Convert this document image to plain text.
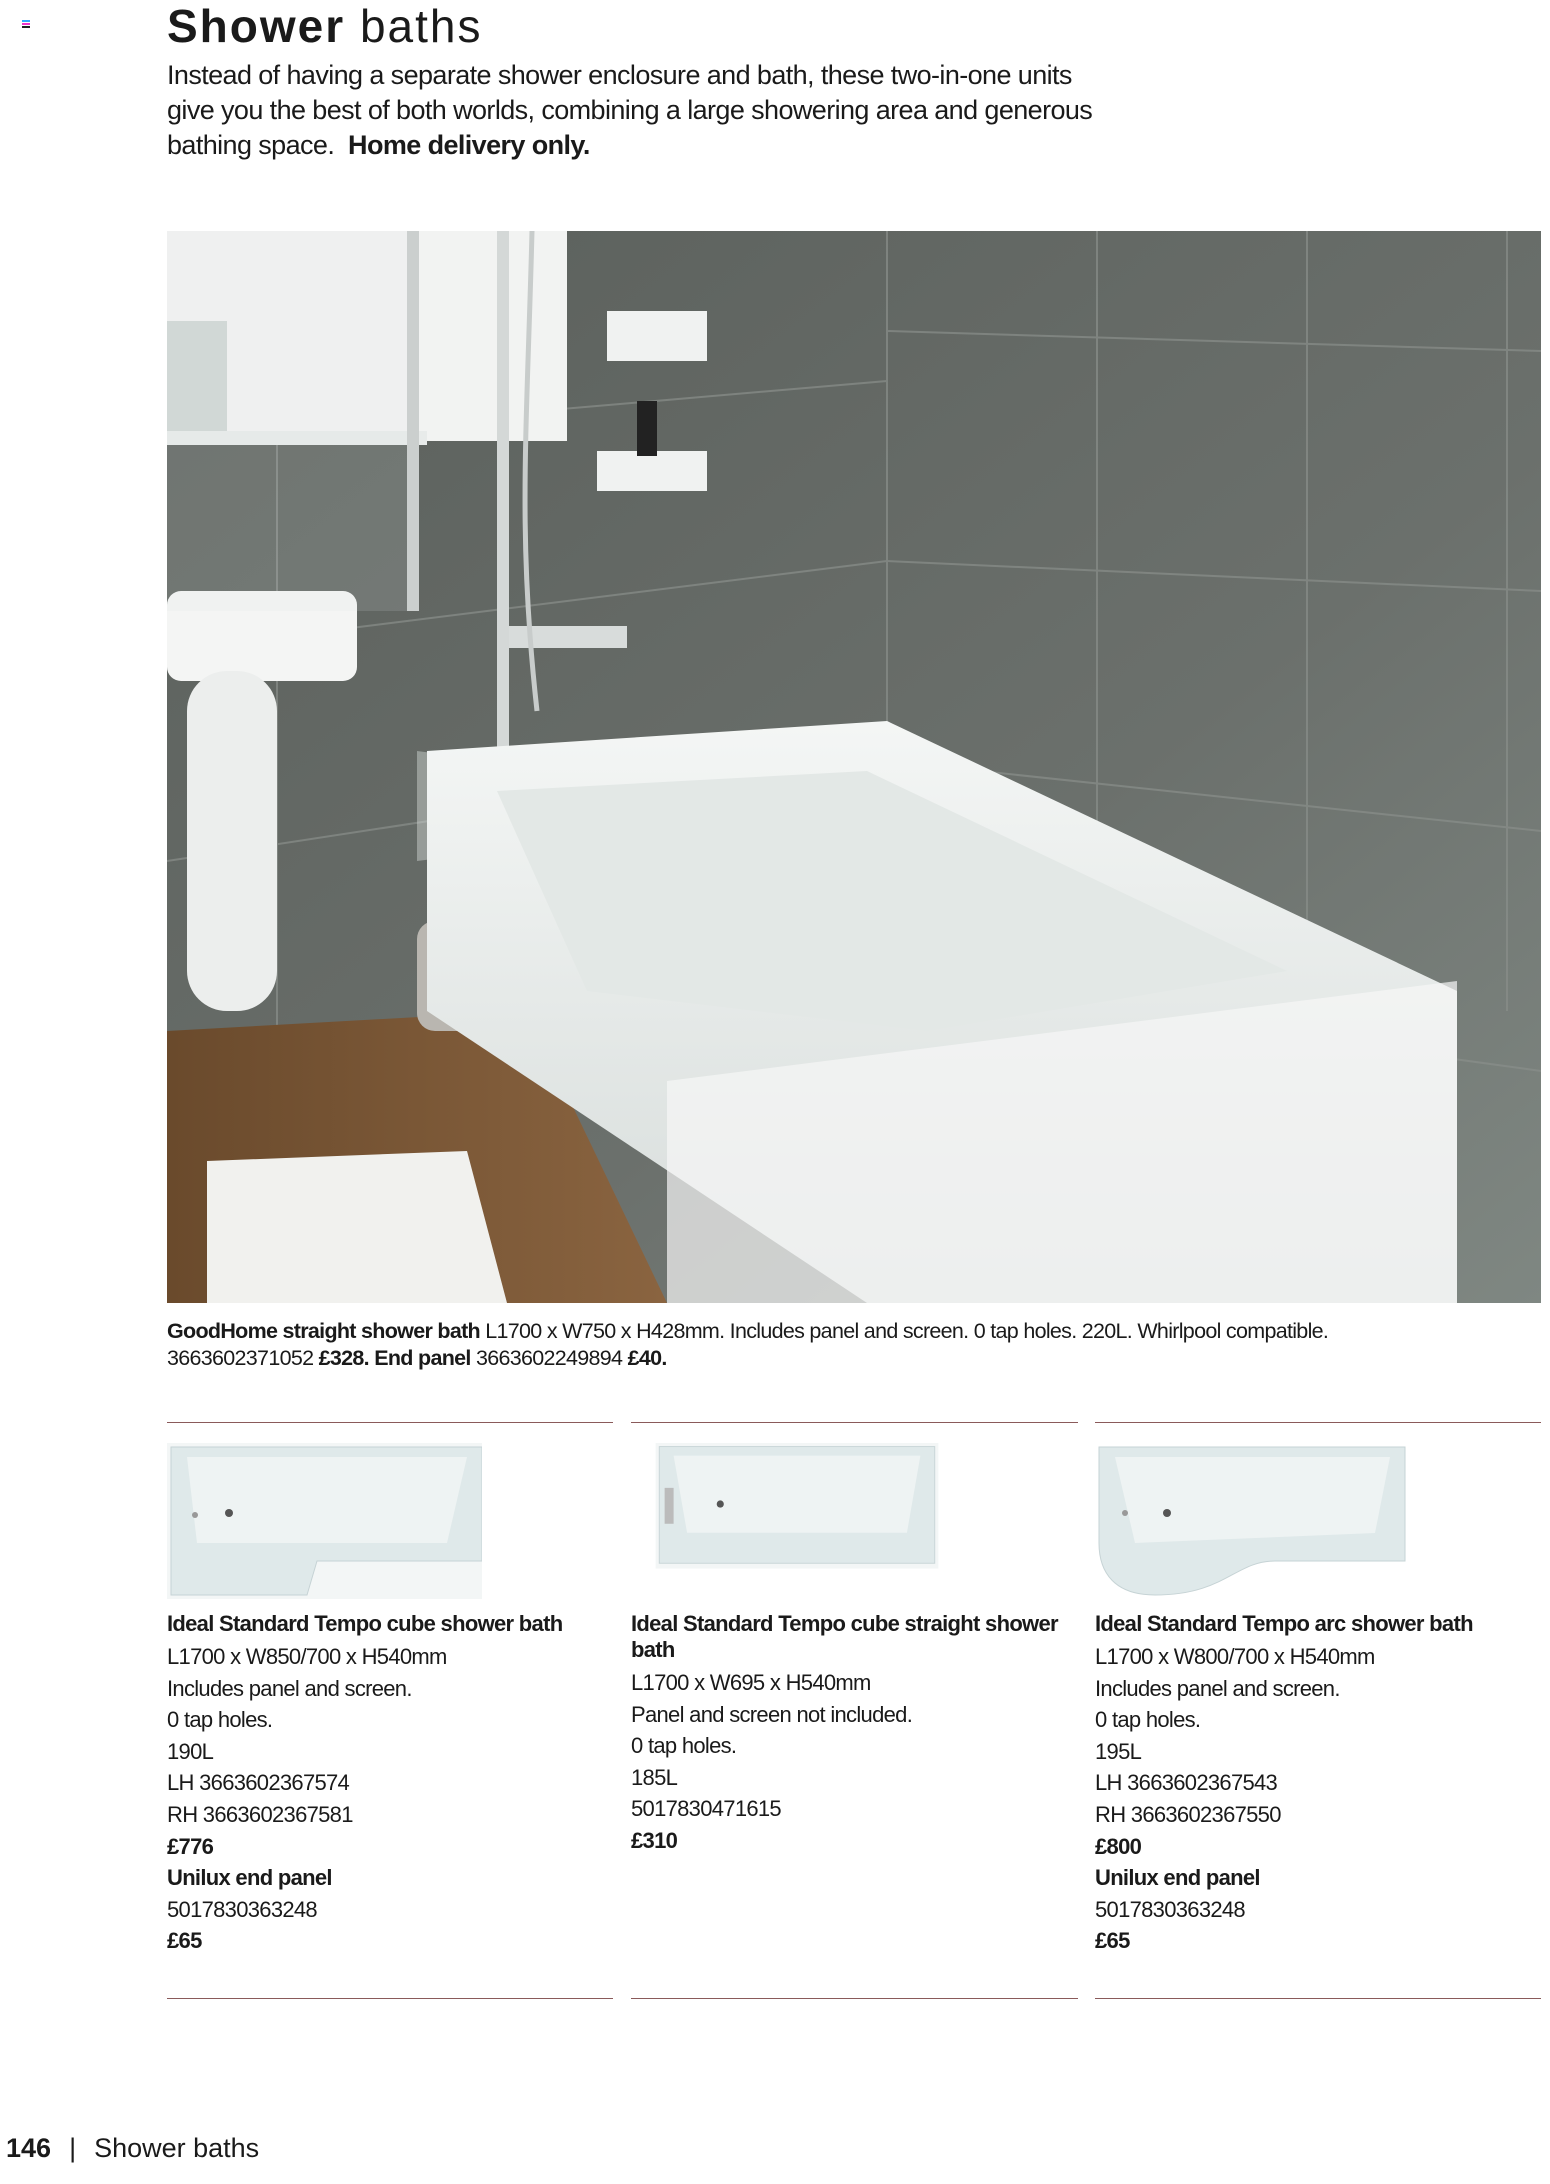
Shower baths
Instead of having a separate shower enclosure and bath, these two-in-one units give you the best of both worlds, combining a large showering area and generous bathing space. Home delivery only.
GoodHome straight shower bath L1700 x W750 x H428mm. Includes panel and screen. 0 tap holes. 220L. Whirlpool compatible.
3663602371052 £328. End panel 3663602249894 £40.
Ideal Standard Tempo cube shower bath
L1700 x W850/700 x H540mm
Includes panel and screen.
0 tap holes.
190L
LH 3663602367574
RH 3663602367581
£776
Unilux end panel
5017830363248
£65
Ideal Standard Tempo cube straight shower bath
L1700 x W695 x H540mm
Panel and screen not included.
0 tap holes.
185L
5017830471615
£310
Ideal Standard Tempo arc shower bath
L1700 x W800/700 x H540mm
Includes panel and screen.
0 tap holes.
195L
LH 3663602367543
RH 3663602367550
£800
Unilux end panel
5017830363248
£65
146 | Shower baths
